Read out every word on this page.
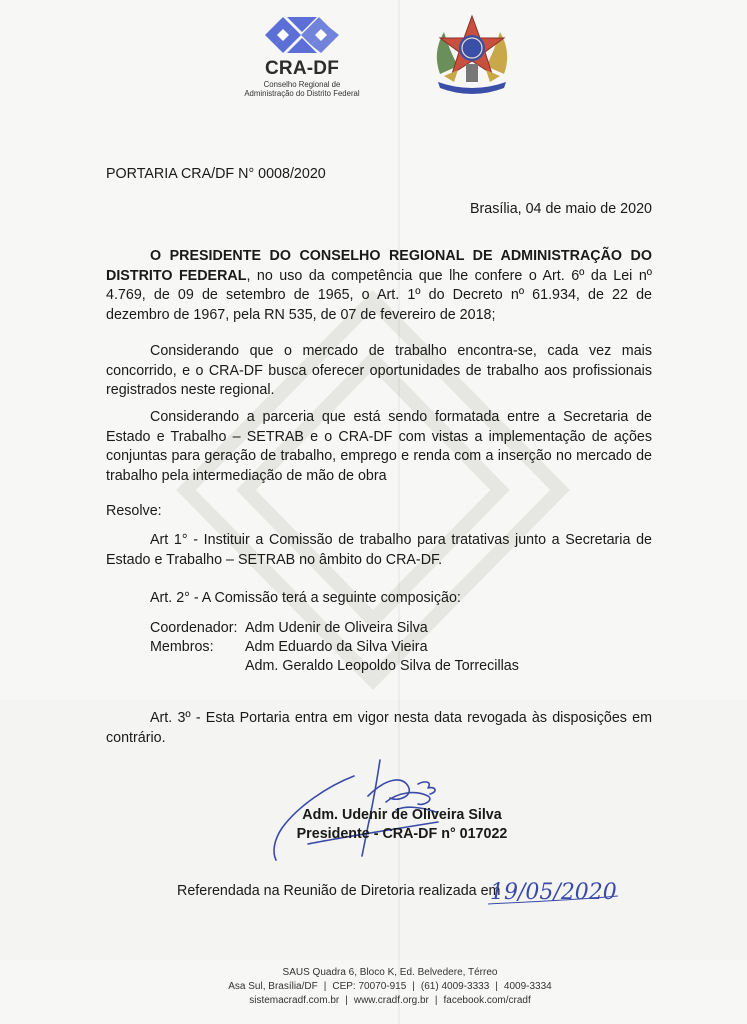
CRA-DF
Conselho Regional de
Administração do Distrito Federal
PORTARIA CRA/DF N° 0008/2020
Brasília, 04 de maio de 2020
O PRESIDENTE DO CONSELHO REGIONAL DE ADMINISTRAÇÃO DO DISTRITO FEDERAL, no uso da competência que lhe confere o Art. 6º da Lei nº 4.769, de 09 de setembro de 1965, o Art. 1º do Decreto nº 61.934, de 22 de dezembro de 1967, pela RN 535, de 07 de fevereiro de 2018;
Considerando que o mercado de trabalho encontra-se, cada vez mais concorrido, e o CRA-DF busca oferecer oportunidades de trabalho aos profissionais registrados neste regional.
Considerando a parceria que está sendo formatada entre a Secretaria de Estado e Trabalho – SETRAB e o CRA-DF com vistas a implementação de ações conjuntas para geração de trabalho, emprego e renda com a inserção no mercado de trabalho pela intermediação de mão de obra
Resolve:
Art 1° - Instituir a Comissão de trabalho para tratativas junto a Secretaria de Estado e Trabalho – SETRAB no âmbito do CRA-DF.
Art. 2° - A Comissão terá a seguinte composição:
Coordenador: Adm Udenir de Oliveira Silva
Membros: Adm Eduardo da Silva Vieira
Adm. Geraldo Leopoldo Silva de Torrecillas
Art. 3º - Esta Portaria entra em vigor nesta data revogada às disposições em contrário.
Adm. Udenir de Oliveira Silva
Presidente - CRA-DF n° 017022
Referendada na Reunião de Diretoria realizada em
19/05/2020
SAUS Quadra 6, Bloco K, Ed. Belvedere, Térreo
Asa Sul, Brasília/DF | CEP: 70070-915 | (61) 4009-3333 | 4009-3334
sistemacradf.com.br | www.cradf.org.br | facebook.com/cradf
